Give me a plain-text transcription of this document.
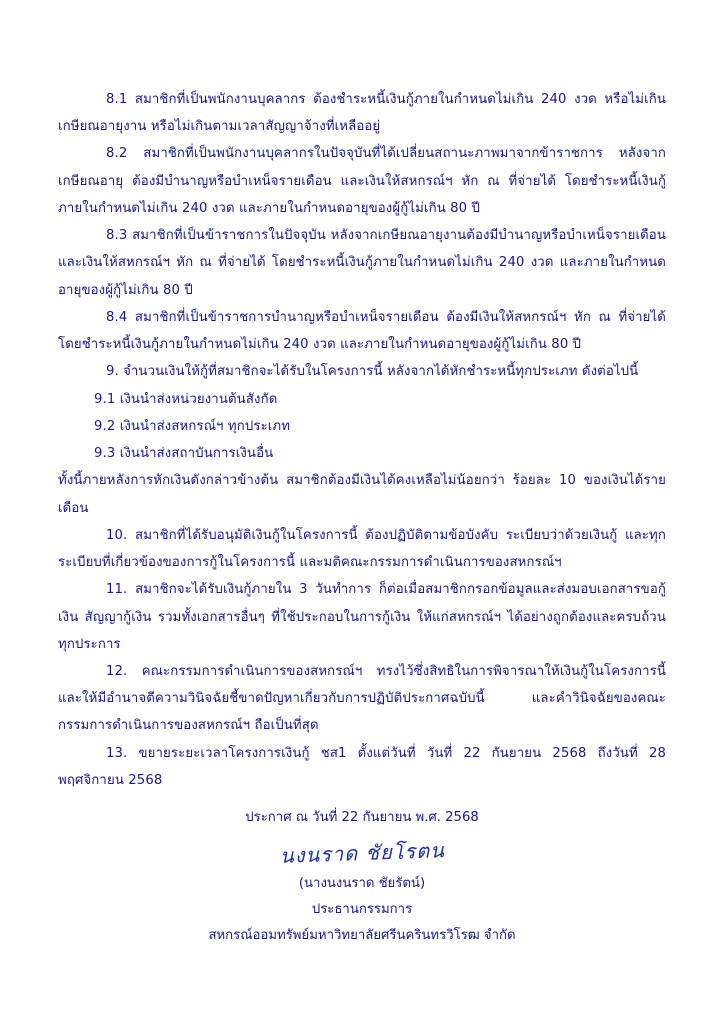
8.1 สมาชิกที่เป็นพนักงานบุคลากร ต้องชำระหนี้เงินกู้ภายในกำหนดไม่เกิน 240 งวด หรือไม่เกินเกษียณอายุงาน หรือไม่เกินตามเวลาสัญญาจ้างที่เหลืออยู่

8.2 สมาชิกที่เป็นพนักงานบุคลากรในปัจจุบันที่ได้เปลี่ยนสถานะภาพมาจากข้าราชการ หลังจากเกษียณอายุ ต้องมีบำนาญหรือบำเหน็จรายเดือน และเงินให้สหกรณ์ฯ หัก ณ ที่จ่ายได้ โดยชำระหนี้เงินกู้ภายในกำหนดไม่เกิน 240 งวด และภายในกำหนดอายุของผู้กู้ไม่เกิน 80 ปี

8.3 สมาชิกที่เป็นข้าราชการในปัจจุบัน หลังจากเกษียณอายุงานต้องมีบำนาญหรือบำเหน็จรายเดือน และเงินให้สหกรณ์ฯ หัก ณ ที่จ่ายได้ โดยชำระหนี้เงินกู้ภายในกำหนดไม่เกิน 240 งวด และภายในกำหนดอายุของผู้กู้ไม่เกิน 80 ปี

8.4 สมาชิกที่เป็นข้าราชการบำนาญหรือบำเหน็จรายเดือน ต้องมีเงินให้สหกรณ์ฯ หัก ณ ที่จ่ายได้ โดยชำระหนี้เงินกู้ภายในกำหนดไม่เกิน 240 งวด และภายในกำหนดอายุของผู้กู้ไม่เกิน 80 ปี

9. จำนวนเงินให้กู้ที่สมาชิกจะได้รับในโครงการนี้ หลังจากได้หักชำระหนี้ทุกประเภท ดังต่อไปนี้

9.1 เงินนำส่งหน่วยงานต้นสังกัด

9.2 เงินนำส่งสหกรณ์ฯ ทุกประเภท

9.3 เงินนำส่งสถาบันการเงินอื่น

ทั้งนี้ภายหลังการหักเงินดังกล่าวข้างต้น สมาชิกต้องมีเงินได้คงเหลือไม่น้อยกว่า ร้อยละ 10 ของเงินได้รายเดือน

10. สมาชิกที่ได้รับอนุมัติเงินกู้ในโครงการนี้ ต้องปฏิบัติตามข้อบังคับ ระเบียบว่าด้วยเงินกู้ และทุกระเบียบที่เกี่ยวข้องของการกู้ในโครงการนี้ และมติคณะกรรมการดำเนินการของสหกรณ์ฯ

11. สมาชิกจะได้รับเงินกู้ภายใน 3 วันทำการ ก็ต่อเมื่อสมาชิกกรอกข้อมูลและส่งมอบเอกสารขอกู้เงิน สัญญากู้เงิน รวมทั้งเอกสารอื่นๆ ที่ใช้ประกอบในการกู้เงิน ให้แก่สหกรณ์ฯ ได้อย่างถูกต้องและครบถ้วนทุกประการ

12. คณะกรรมการดำเนินการของสหกรณ์ฯ ทรงไว้ซึ่งสิทธิในการพิจารณาให้เงินกู้ในโครงการนี้ และให้มีอำนาจตีความวินิจฉัยชี้ขาดปัญหาเกี่ยวกับการปฏิบัติประกาศฉบับนี้ และคำวินิจฉัยของคณะกรรมการดำเนินการของสหกรณ์ฯ ถือเป็นที่สุด

13. ขยายระยะเวลาโครงการเงินกู้ ชส1 ตั้งแต่วันที่ วันที่ 22 กันยายน 2568 ถึงวันที่ 28 พฤศจิกายน 2568

ประกาศ ณ วันที่ 22 กันยายน พ.ศ. 2568
นงนราด ชัยโรตน
(นางนงนราด ชัยรัตน์)
ประธานกรรมการ
สหกรณ์ออมทรัพย์มหาวิทยาลัยศรีนครินทรวิโรฒ จำกัด
